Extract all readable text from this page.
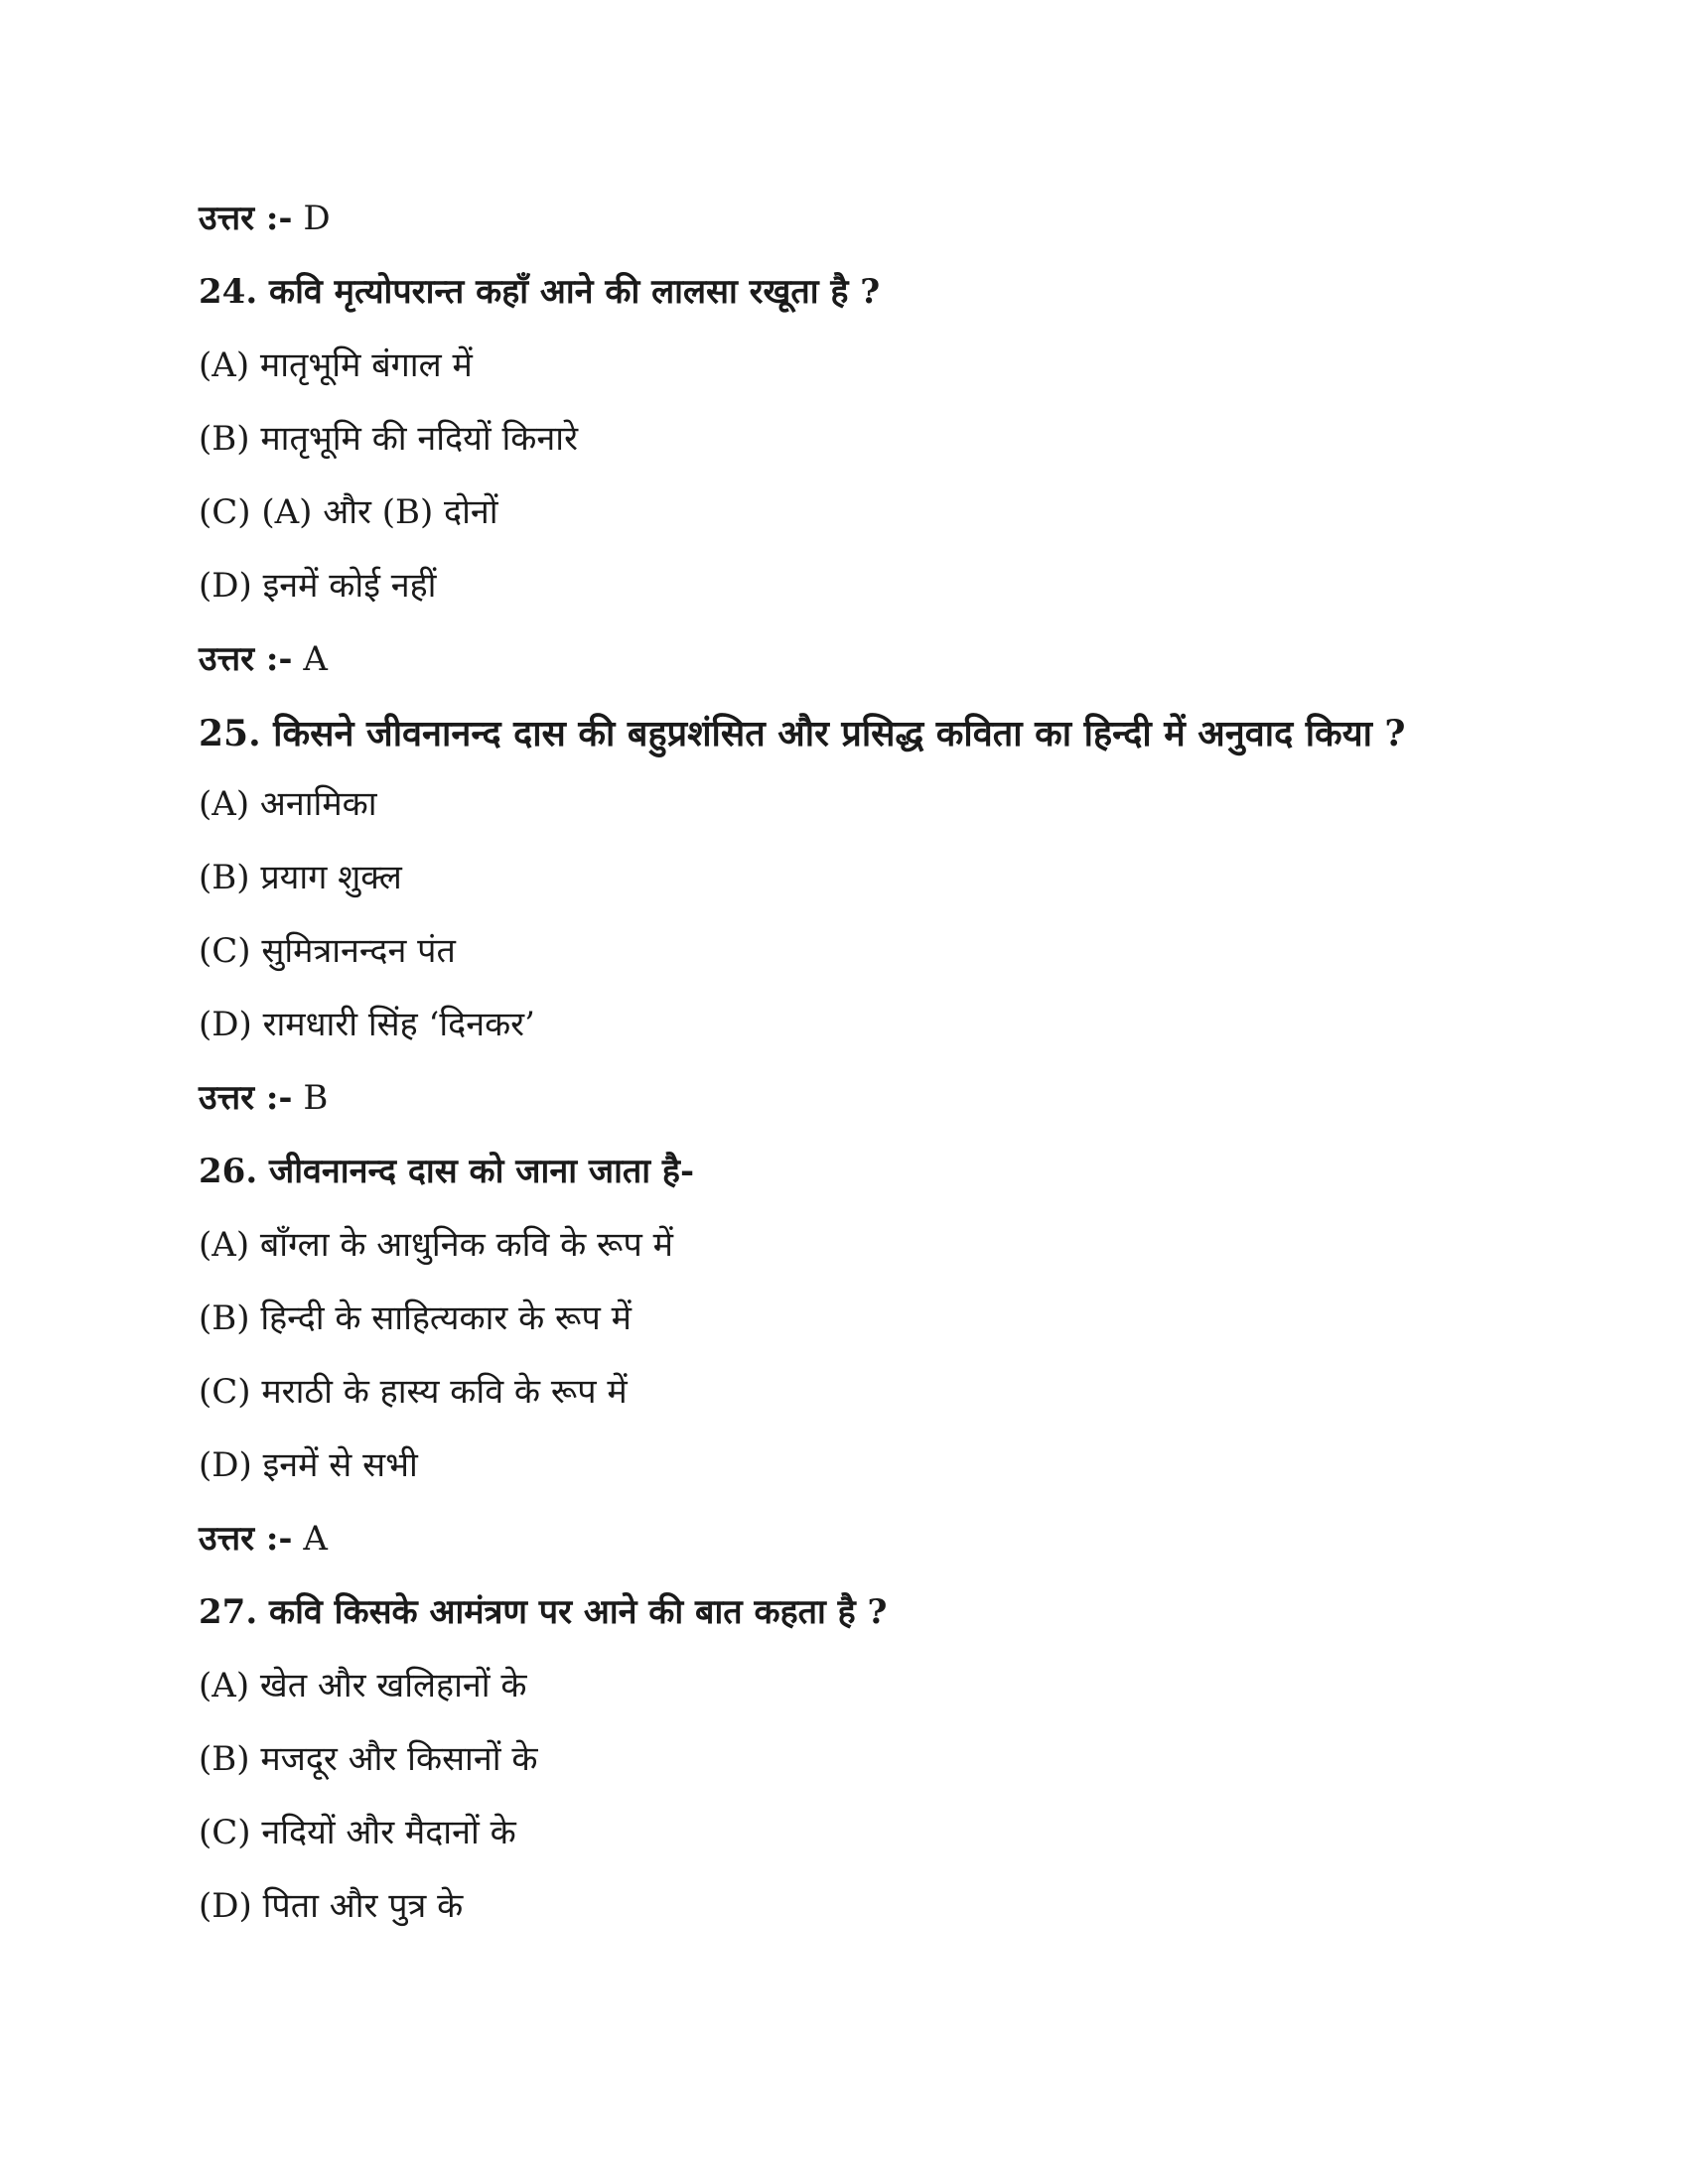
उत्तर :- D
24. कवि मृत्योपरान्त कहाँ आने की लालसा रखूता है ?
(A) मातृभूमि बंगाल में
(B) मातृभूमि की नदियों किनारे
(C) (A) और (B) दोनों
(D) इनमें कोई नहीं
उत्तर :- A
25. किसने जीवनानन्द दास की बहुप्रशंसित और प्रसिद्ध कविता का हिन्दी में अनुवाद किया ?
(A) अनामिका
(B) प्रयाग शुक्ल
(C) सुमित्रानन्दन पंत
(D) रामधारी सिंह ‘दिनकर’
उत्तर :- B
26. जीवनानन्द दास को जाना जाता है-
(A) बाँग्ला के आधुनिक कवि के रूप में
(B) हिन्दी के साहित्यकार के रूप में
(C) मराठी के हास्य कवि के रूप में
(D) इनमें से सभी
उत्तर :- A
27. कवि किसके आमंत्रण पर आने की बात कहता है ?
(A) खेत और खलिहानों के
(B) मजदूर और किसानों के
(C) नदियों और मैदानों के
(D) पिता और पुत्र के
